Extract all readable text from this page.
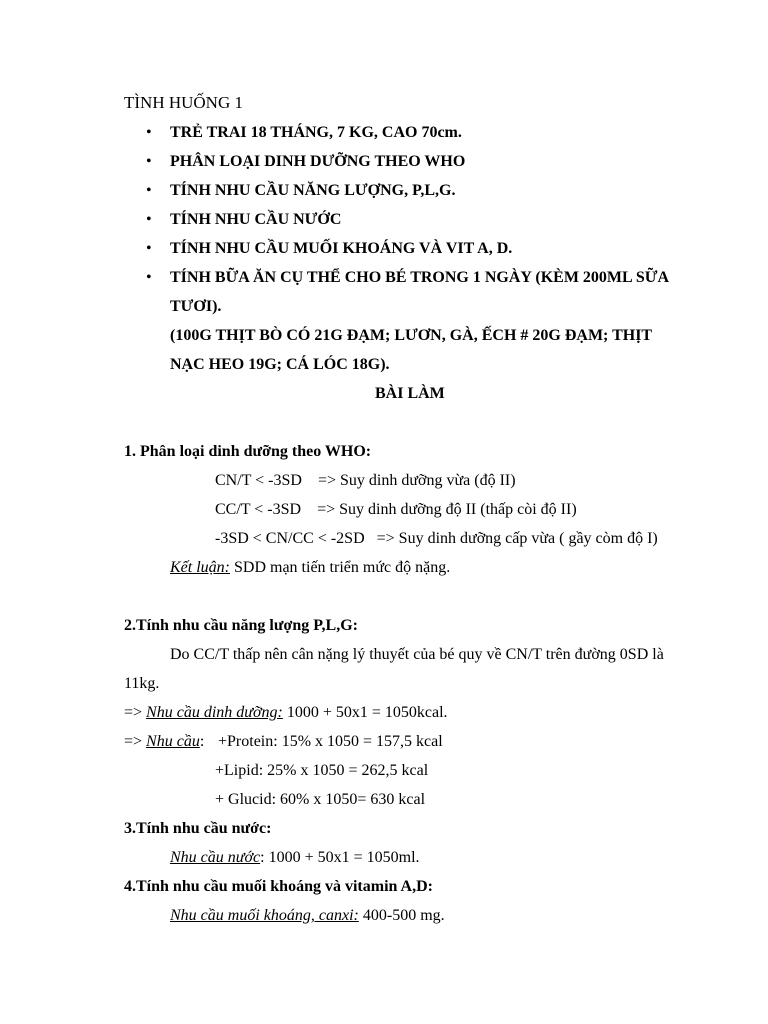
TÌNH HUỐNG 1
• TRẺ TRAI 18 THÁNG, 7 KG, CAO 70cm.
• PHÂN LOẠI DINH DƯỠNG THEO WHO
• TÍNH NHU CẦU NĂNG LƯỢNG, P,L,G.
• TÍNH NHU CẦU NƯỚC
• TÍNH NHU CẦU MUỐI KHOÁNG VÀ VIT A, D.
• TÍNH BỮA ĂN CỤ THỂ CHO BÉ TRONG 1 NGÀY (KÈM 200ML SỮA
TƯƠI).
(100G THỊT BÒ CÓ 21G ĐẠM; LƯƠN, GÀ, ẾCH # 20G ĐẠM; THỊT
NẠC HEO 19G; CÁ LÓC 18G).
BÀI LÀM
1. Phân loại dinh dưỡng theo WHO:
CN/T < -3SD    => Suy dinh dưỡng vừa (độ II)
CC/T < -3SD    => Suy dinh dưỡng độ II (thấp còi độ II)
-3SD < CN/CC < -2SD   => Suy dinh dưỡng cấp vừa ( gầy còm độ I)
Kết luận: SDD mạn tiến triển mức độ nặng.
2.Tính nhu cầu năng lượng P,L,G:
Do CC/T thấp nên cân nặng lý thuyết của bé quy về CN/T trên đường 0SD là
11kg.
=> Nhu cầu dinh dưỡng: 1000 + 50x1 = 1050kcal.
=> Nhu cầu: +Protein: 15% x 1050 = 157,5 kcal
+Lipid: 25% x 1050 = 262,5 kcal
+ Glucid: 60% x 1050= 630 kcal
3.Tính nhu cầu nước:
Nhu cầu nước: 1000 + 50x1 = 1050ml.
4.Tính nhu cầu muối khoáng và vitamin A,D:
Nhu cầu muối khoáng, canxi: 400-500 mg.
